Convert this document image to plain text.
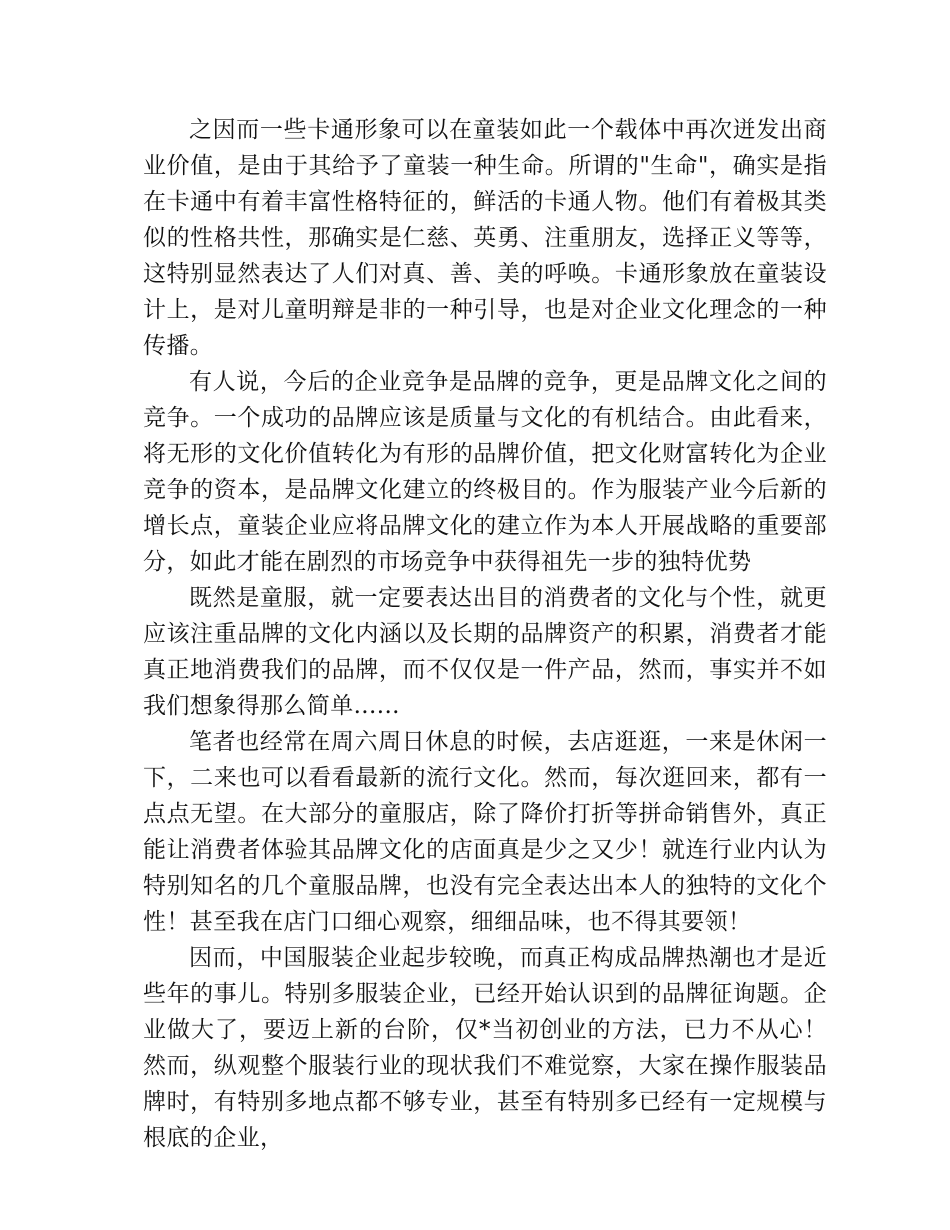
之因而一些卡通形象可以在童装如此一个载体中再次迸发出商业价值，是由于其给予了童装一种生命。所谓的"生命"，确实是指在卡通中有着丰富性格特征的，鲜活的卡通人物。他们有着极其类似的性格共性，那确实是仁慈、英勇、注重朋友，选择正义等等，这特别显然表达了人们对真、善、美的呼唤。卡通形象放在童装设计上，是对儿童明辩是非的一种引导，也是对企业文化理念的一种传播。

有人说，今后的企业竞争是品牌的竞争，更是品牌文化之间的竞争。一个成功的品牌应该是质量与文化的有机结合。由此看来，将无形的文化价值转化为有形的品牌价值，把文化财富转化为企业竞争的资本，是品牌文化建立的终极目的。作为服装产业今后新的增长点，童装企业应将品牌文化的建立作为本人开展战略的重要部分，如此才能在剧烈的市场竞争中获得祖先一步的独特优势

既然是童服，就一定要表达出目的消费者的文化与个性，就更应该注重品牌的文化内涵以及长期的品牌资产的积累，消费者才能真正地消费我们的品牌，而不仅仅是一件产品，然而，事实并不如我们想象得那么简单......

笔者也经常在周六周日休息的时候，去店逛逛，一来是休闲一下，二来也可以看看最新的流行文化。然而，每次逛回来，都有一点点无望。在大部分的童服店，除了降价打折等拼命销售外，真正能让消费者体验其品牌文化的店面真是少之又少！就连行业内认为特别知名的几个童服品牌，也没有完全表达出本人的独特的文化个性！甚至我在店门口细心观察，细细品味，也不得其要领！

因而，中国服装企业起步较晚，而真正构成品牌热潮也才是近些年的事儿。特别多服装企业，已经开始认识到的品牌征询题。企业做大了，要迈上新的台阶，仅*当初创业的方法，已力不从心！然而，纵观整个服装行业的现状我们不难觉察，大家在操作服装品牌时，有特别多地点都不够专业，甚至有特别多已经有一定规模与根底的企业，
